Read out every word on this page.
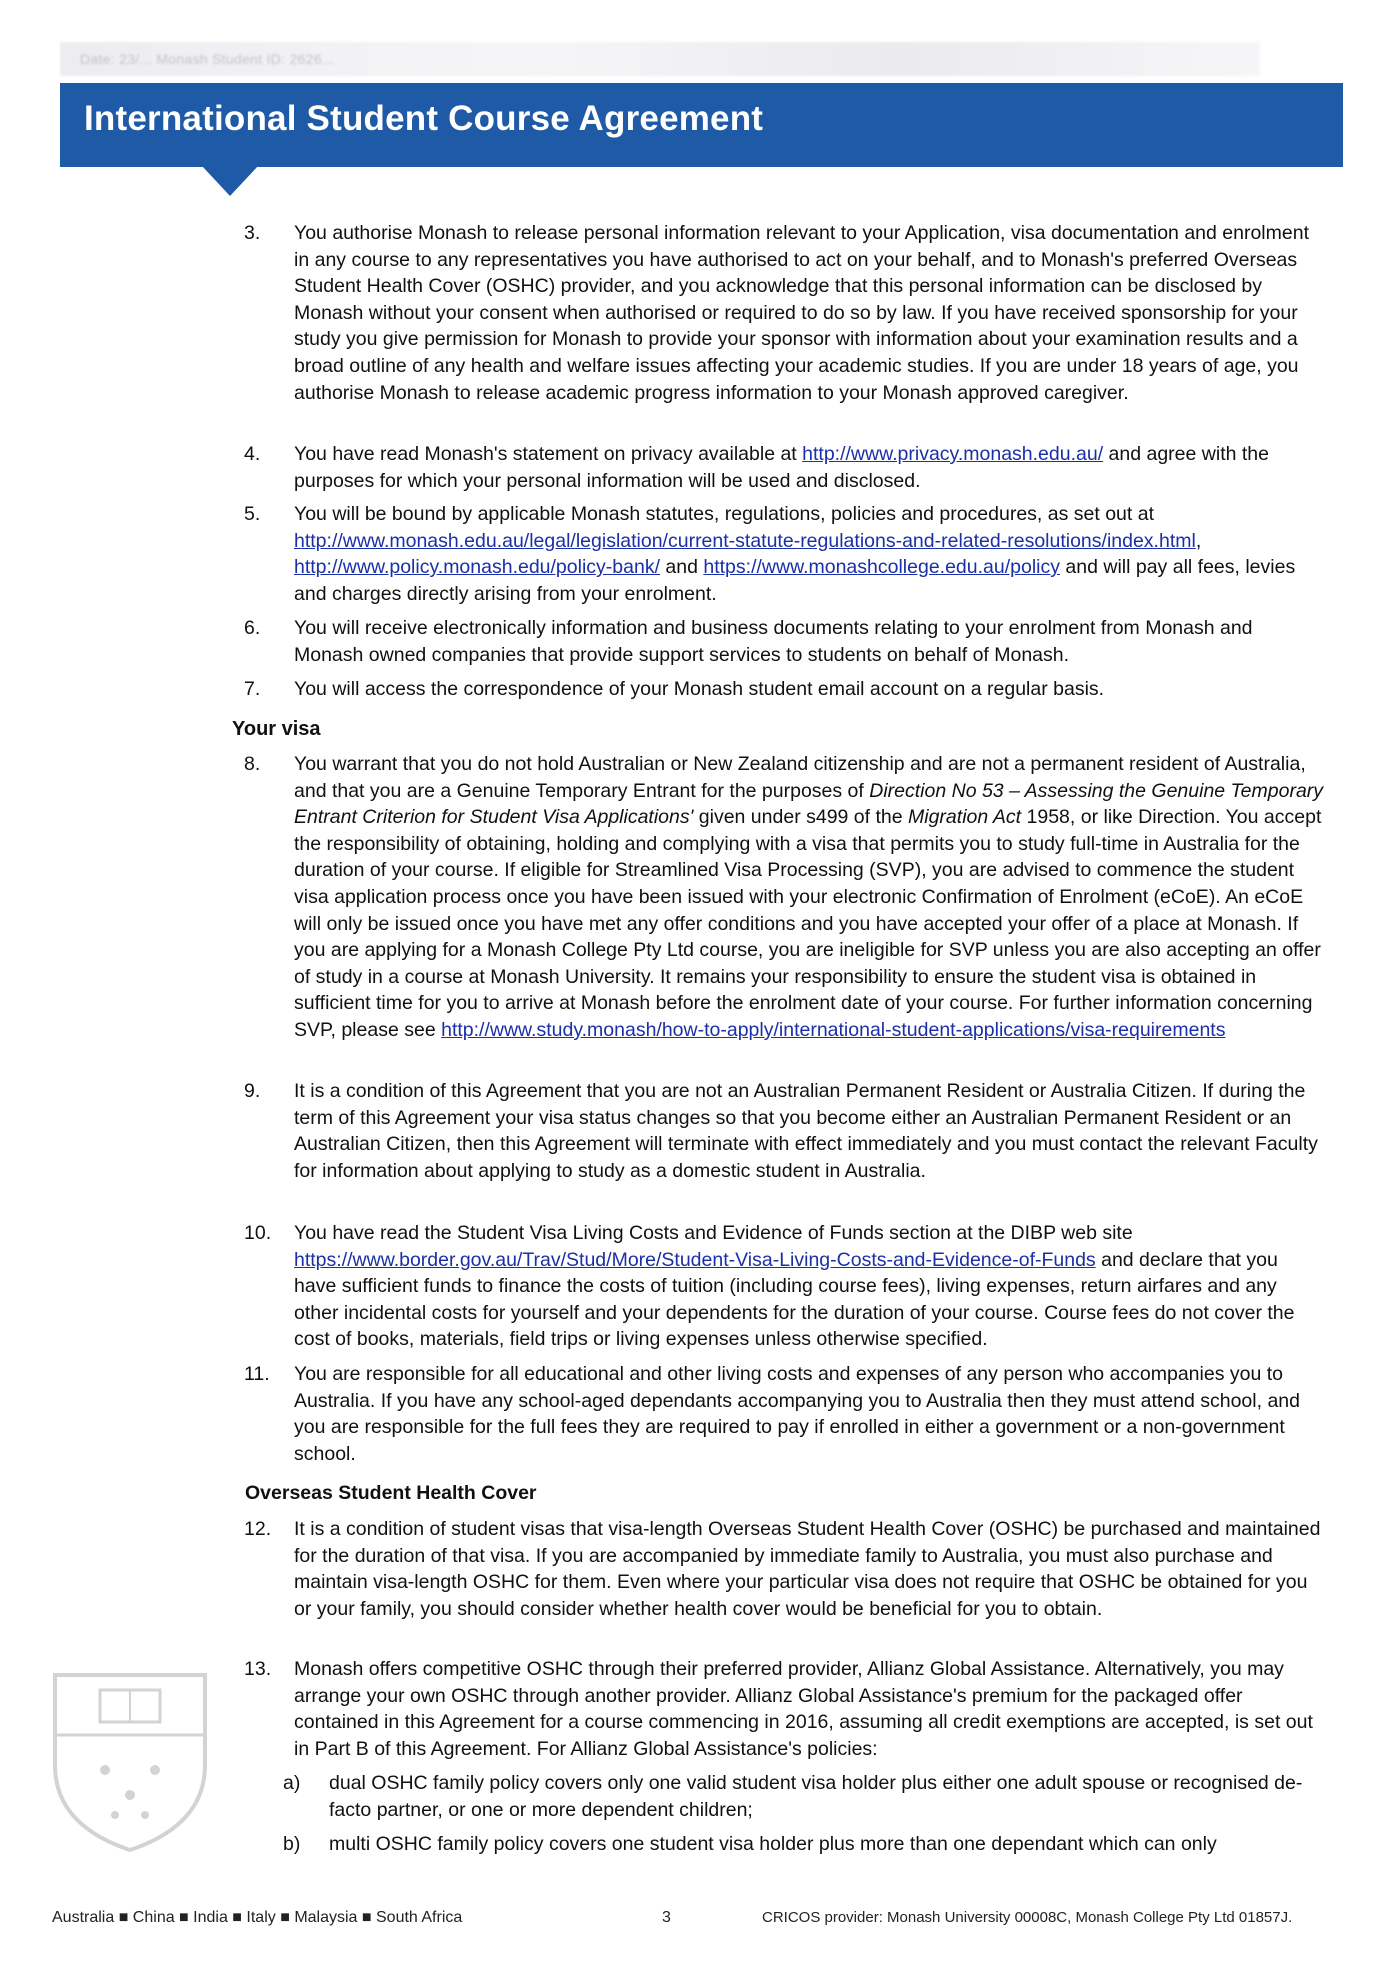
Date: 23/... Monash Student ID: 2626...
International Student Course Agreement
3. You authorise Monash to release personal information relevant to your Application, visa documentation and enrolment in any course to any representatives you have authorised to act on your behalf, and to Monash's preferred Overseas Student Health Cover (OSHC) provider, and you acknowledge that this personal information can be disclosed by Monash without your consent when authorised or required to do so by law. If you have received sponsorship for your study you give permission for Monash to provide your sponsor with information about your examination results and a broad outline of any health and welfare issues affecting your academic studies. If you are under 18 years of age, you authorise Monash to release academic progress information to your Monash approved caregiver.
4. You have read Monash's statement on privacy available at http://www.privacy.monash.edu.au/ and agree with the purposes for which your personal information will be used and disclosed.
5. You will be bound by applicable Monash statutes, regulations, policies and procedures, as set out at http://www.monash.edu.au/legal/legislation/current-statute-regulations-and-related-resolutions/index.html, http://www.policy.monash.edu/policy-bank/ and https://www.monashcollege.edu.au/policy and will pay all fees, levies and charges directly arising from your enrolment.
6. You will receive electronically information and business documents relating to your enrolment from Monash and Monash owned companies that provide support services to students on behalf of Monash.
7. You will access the correspondence of your Monash student email account on a regular basis.
Your visa
8. You warrant that you do not hold Australian or New Zealand citizenship and are not a permanent resident of Australia, and that you are a Genuine Temporary Entrant for the purposes of Direction No 53 – Assessing the Genuine Temporary Entrant Criterion for Student Visa Applications' given under s499 of the Migration Act 1958, or like Direction. You accept the responsibility of obtaining, holding and complying with a visa that permits you to study full-time in Australia for the duration of your course. If eligible for Streamlined Visa Processing (SVP), you are advised to commence the student visa application process once you have been issued with your electronic Confirmation of Enrolment (eCoE). An eCoE will only be issued once you have met any offer conditions and you have accepted your offer of a place at Monash. If you are applying for a Monash College Pty Ltd course, you are ineligible for SVP unless you are also accepting an offer of study in a course at Monash University. It remains your responsibility to ensure the student visa is obtained in sufficient time for you to arrive at Monash before the enrolment date of your course. For further information concerning SVP, please see http://www.study.monash/how-to-apply/international-student-applications/visa-requirements
9. It is a condition of this Agreement that you are not an Australian Permanent Resident or Australia Citizen. If during the term of this Agreement your visa status changes so that you become either an Australian Permanent Resident or an Australian Citizen, then this Agreement will terminate with effect immediately and you must contact the relevant Faculty for information about applying to study as a domestic student in Australia.
10. You have read the Student Visa Living Costs and Evidence of Funds section at the DIBP web site https://www.border.gov.au/Trav/Stud/More/Student-Visa-Living-Costs-and-Evidence-of-Funds and declare that you have sufficient funds to finance the costs of tuition (including course fees), living expenses, return airfares and any other incidental costs for yourself and your dependents for the duration of your course. Course fees do not cover the cost of books, materials, field trips or living expenses unless otherwise specified.
11. You are responsible for all educational and other living costs and expenses of any person who accompanies you to Australia. If you have any school-aged dependants accompanying you to Australia then they must attend school, and you are responsible for the full fees they are required to pay if enrolled in either a government or a non-government school.
Overseas Student Health Cover
12. It is a condition of student visas that visa-length Overseas Student Health Cover (OSHC) be purchased and maintained for the duration of that visa. If you are accompanied by immediate family to Australia, you must also purchase and maintain visa-length OSHC for them. Even where your particular visa does not require that OSHC be obtained for you or your family, you should consider whether health cover would be beneficial for you to obtain.
13. Monash offers competitive OSHC through their preferred provider, Allianz Global Assistance. Alternatively, you may arrange your own OSHC through another provider. Allianz Global Assistance's premium for the packaged offer contained in this Agreement for a course commencing in 2016, assuming all credit exemptions are accepted, is set out in Part B of this Agreement. For Allianz Global Assistance's policies:
a) dual OSHC family policy covers only one valid student visa holder plus either one adult spouse or recognised de-facto partner, or one or more dependent children;
b) multi OSHC family policy covers one student visa holder plus more than one dependant which can only
Australia ■ China ■ India ■ Italy ■ Malaysia ■ South Africa	3	CRICOS provider: Monash University 00008C, Monash College Pty Ltd 01857J.
